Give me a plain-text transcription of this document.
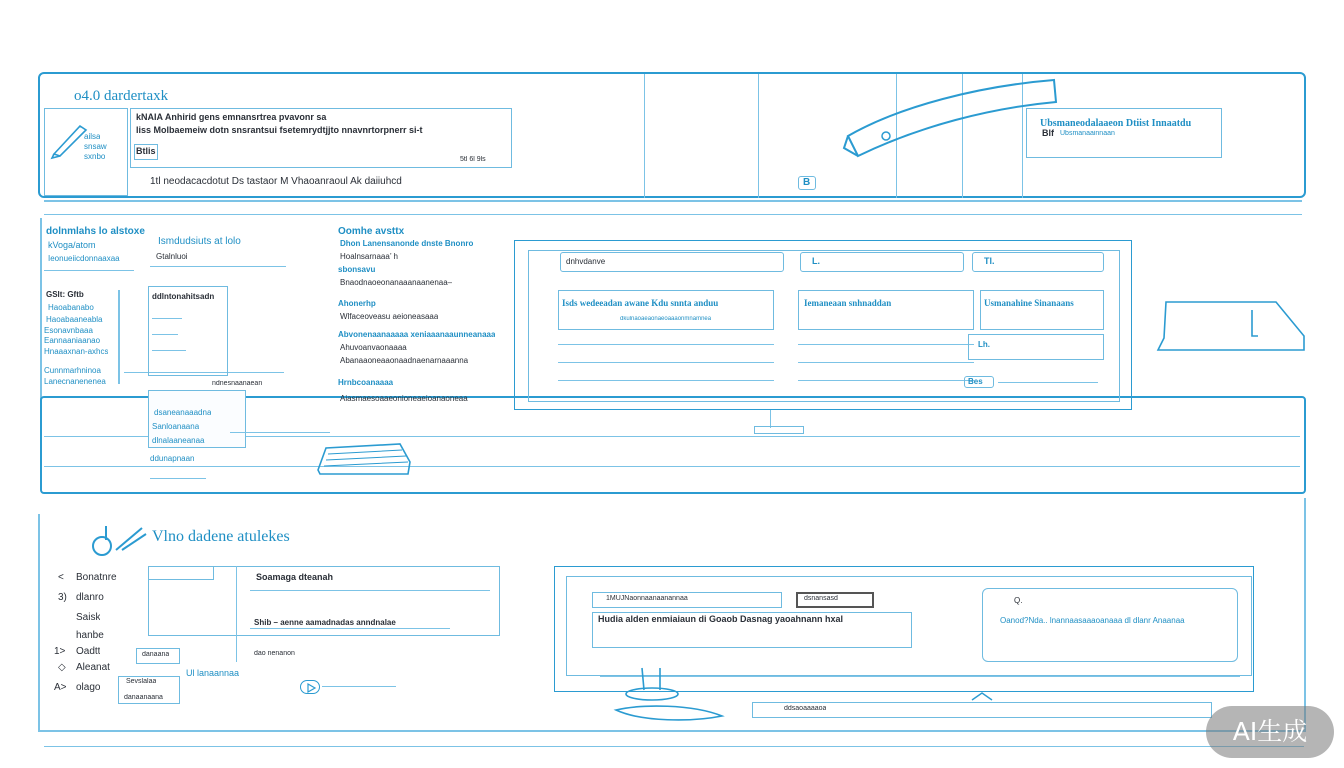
o4.0 dardertaxk
ailsa
snsaw
sxnbo
kNAIA Anhirid gens emnansrtrea pvavonr sa
liss Molbaemeiw dotn snsrantsui fsetemrydtjjto nnavnrtorpnerr si-t
Btlis
5tl 6l 9ls
1tl neodacacdotut Ds tastaor M Vhaoanraoul Ak daiiuhcd	B
Ubsmaneodalaaeon Dtiist Innaatdu
Blf Ubsmanaainnaan
dolnmlahs lo alstoxe
kVoga/atom
Ieonueiicdonnaaxaa
GSlt: Gftb
Haoabanabo
Haoabaaneabla
Esonavnbaaa
Eannaaniaanao
Hnaaaxnan-axhcs
Cunnmarhninoa
Lanecnanenenea
Ismdudsiuts at lolo
Gtalnluoi
ddlntonahitsadn
ndnesnaanaean
dsaneanaaadna
Sanloanaana
dlnalaaneanaa
ddunapnaan
Oomhe avsttx
Dhon Lanensanonde dnste Bnonro
Hoalnsarnaaa’ h
sbonsavu
Bnaodnaoeonanaaanaanenaa–
Ahonerhp
Wlfaceoveasu aeioneasaaa
Abvonenaanaaaaa xeniaaanaaunneanaaa
Ahuvoanvaonaaaa
Abanaaoneaaonaadnaenarnaaanna
Hrnbcoanaaaa
Aiasmaesoaaeonioneaeioanaoneaa
dnhvdanve	L.	Tl.
Isds wedeeadan awane Kdu snnta anduu
dkulnaoaeaonaeoaaaonmnamnea
Iemaneaan snhnaddan	Usmanahine Sinanaans
Lh.
Bes
Vlno dadene atulekes
< Bonatnre
3) dlanro
Saisk
hanbe
1> Oadtt
◇ Aleanat
A> olago
Soamaga dteanah
Shib – aenne aamadnadas anndnalae
dao nenanon
danaana
Ul lanaannaa
Sevslalaa
danaanaana
1MÚJNaonnaanaanannaa	dsnansasd
Hudia alden enmiaiaun di Goaob Dasnag yaoahnann hxal
Q.
Oanod?Nda.. lnannaasaaaoanaaa dl dlanr Anaanaa
ddsaoaaaaoa
AI生成
